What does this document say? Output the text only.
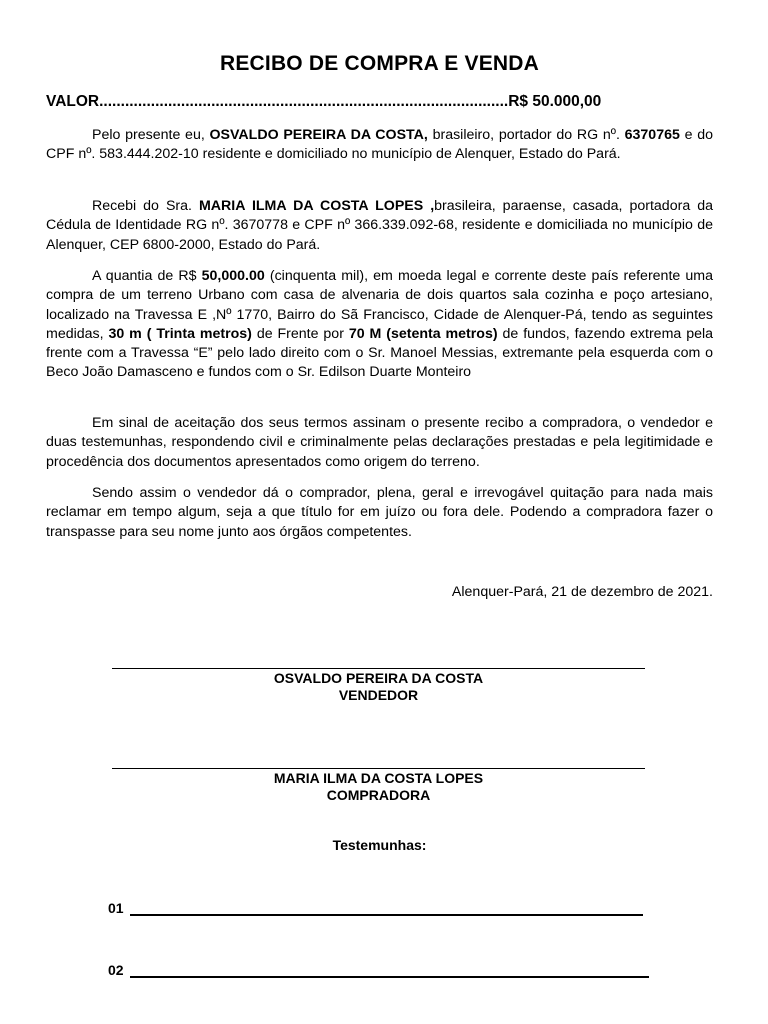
RECIBO DE COMPRA E VENDA
VALOR...............................................................................................R$ 50.000,00
Pelo presente eu, OSVALDO PEREIRA DA COSTA, brasileiro, portador do RG nº. 6370765 e do CPF nº. 583.444.202-10 residente e domiciliado no município de Alenquer, Estado do Pará.
Recebi do Sra. MARIA ILMA DA COSTA LOPES ,brasileira, paraense, casada, portadora da Cédula de Identidade RG nº. 3670778 e CPF nº 366.339.092-68, residente e domiciliada no município de Alenquer, CEP 6800-2000, Estado do Pará.
A quantia de R$ 50,000.00 (cinquenta mil), em moeda legal e corrente deste país referente uma compra de um terreno Urbano com casa de alvenaria de dois quartos sala cozinha e poço artesiano, localizado na Travessa E ,Nº 1770, Bairro do Sã Francisco, Cidade de Alenquer-Pá, tendo as seguintes medidas, 30 m ( Trinta metros) de Frente por 70 M (setenta metros) de fundos, fazendo extrema pela frente com a Travessa “E” pelo lado direito com o Sr. Manoel Messias, extremante pela esquerda com o Beco João Damasceno e fundos com o Sr. Edilson Duarte Monteiro
Em sinal de aceitação dos seus termos assinam o presente recibo a compradora, o vendedor e duas testemunhas, respondendo civil e criminalmente pelas declarações prestadas e pela legitimidade e procedência dos documentos apresentados como origem do terreno.
Sendo assim o vendedor dá o comprador, plena, geral e irrevogável quitação para nada mais reclamar em tempo algum, seja a que título for em juízo ou fora dele. Podendo a compradora fazer o transpasse para seu nome junto aos órgãos competentes.
Alenquer-Pará, 21 de dezembro de 2021.
OSVALDO PEREIRA DA COSTA
VENDEDOR
MARIA ILMA DA COSTA LOPES
COMPRADORA
Testemunhas:
01
02
